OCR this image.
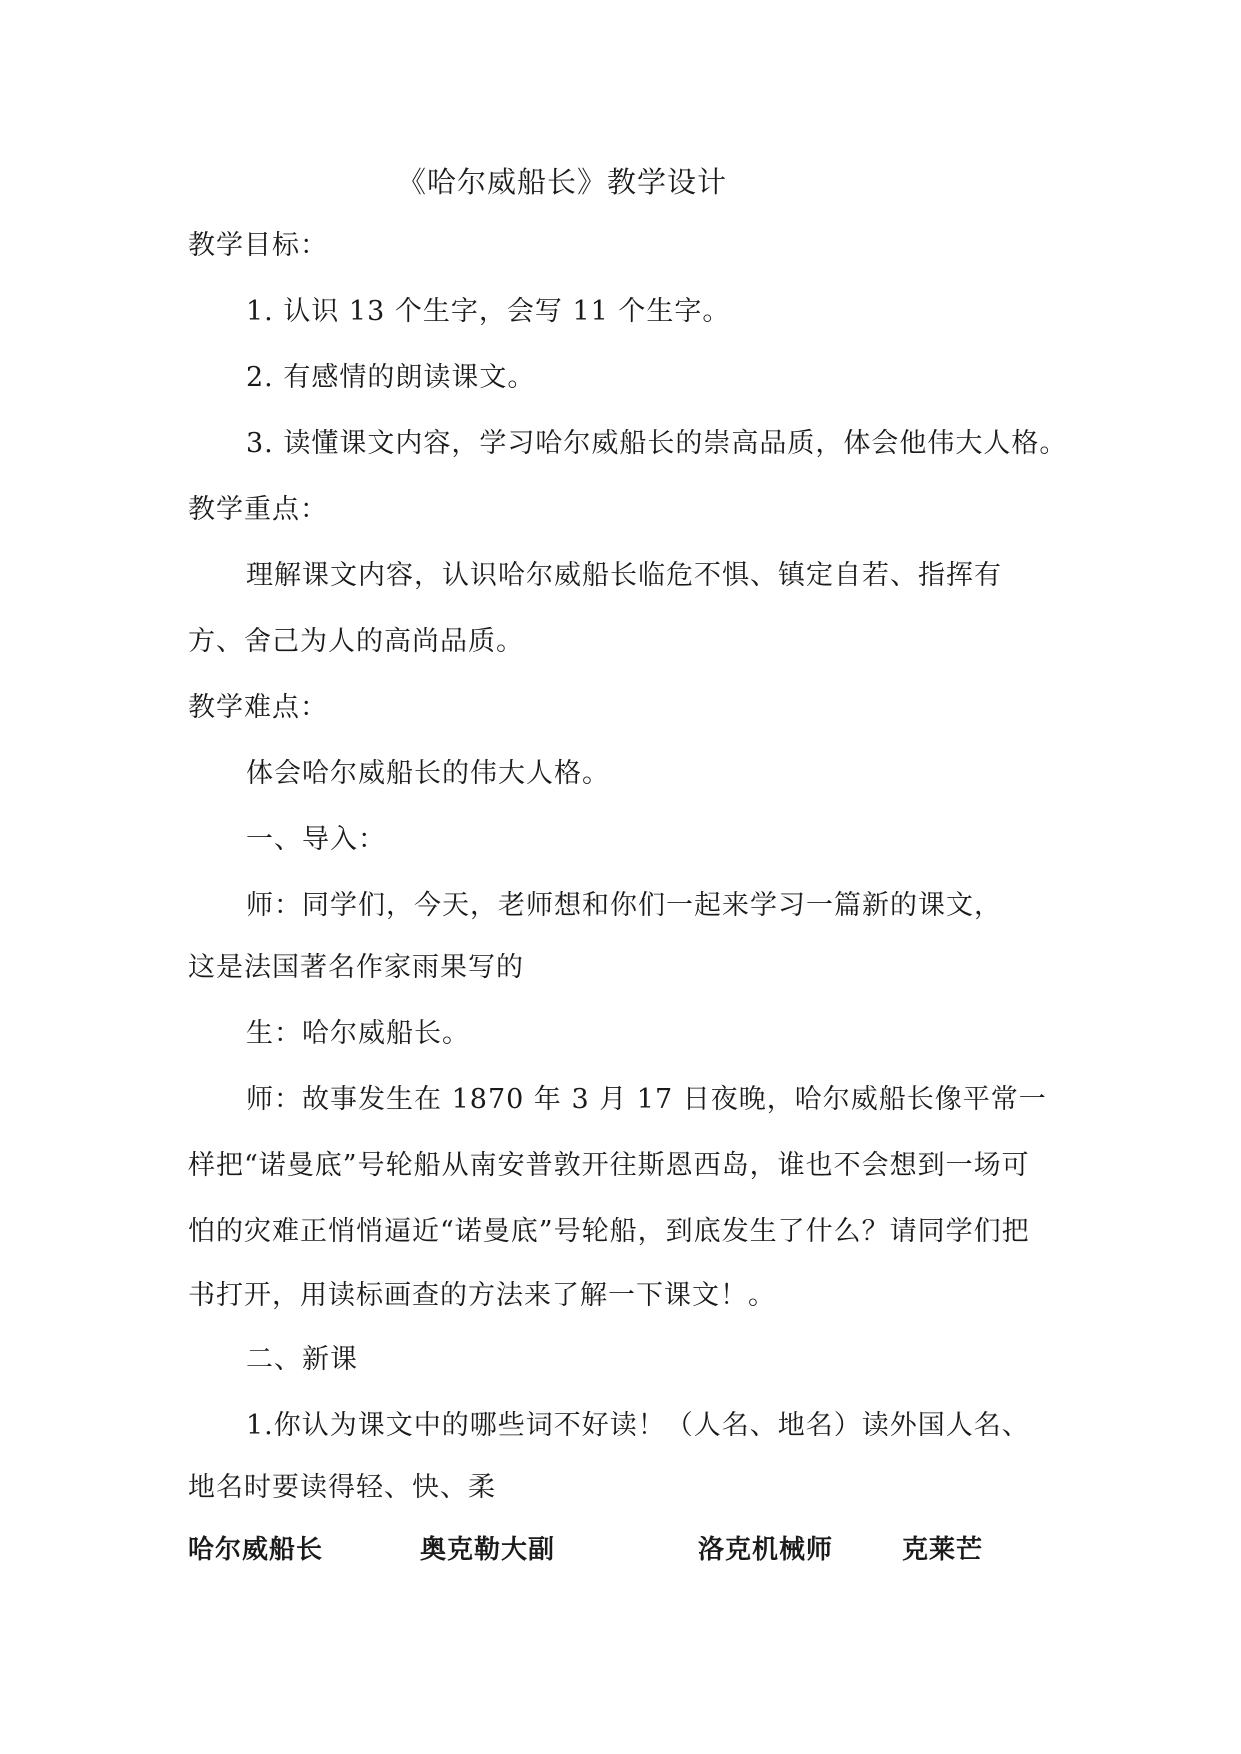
《哈尔威船长》教学设计
教学目标：
1. 认识 13 个生字，会写 11 个生字。
2. 有感情的朗读课文。
3. 读懂课文内容，学习哈尔威船长的崇高品质，体会他伟大人格。
教学重点：
理解课文内容，认识哈尔威船长临危不惧、镇定自若、指挥有
方、舍己为人的高尚品质。
教学难点：
体会哈尔威船长的伟大人格。
一、导入：
师：同学们，今天，老师想和你们一起来学习一篇新的课文，
这是法国著名作家雨果写的
生：哈尔威船长。
师：故事发生在 1870 年 3 月 17 日夜晚，哈尔威船长像平常一
样把“诺曼底”号轮船从南安普敦开往斯恩西岛，谁也不会想到一场可
怕的灾难正悄悄逼近“诺曼底”号轮船，到底发生了什么？请同学们把
书打开，用读标画查的方法来了解一下课文！。
二、新课
1.你认为课文中的哪些词不好读！（人名、地名）读外国人名、
地名时要读得轻、快、柔
哈尔威船长	奥克勒大副	洛克机械师	克莱芒
